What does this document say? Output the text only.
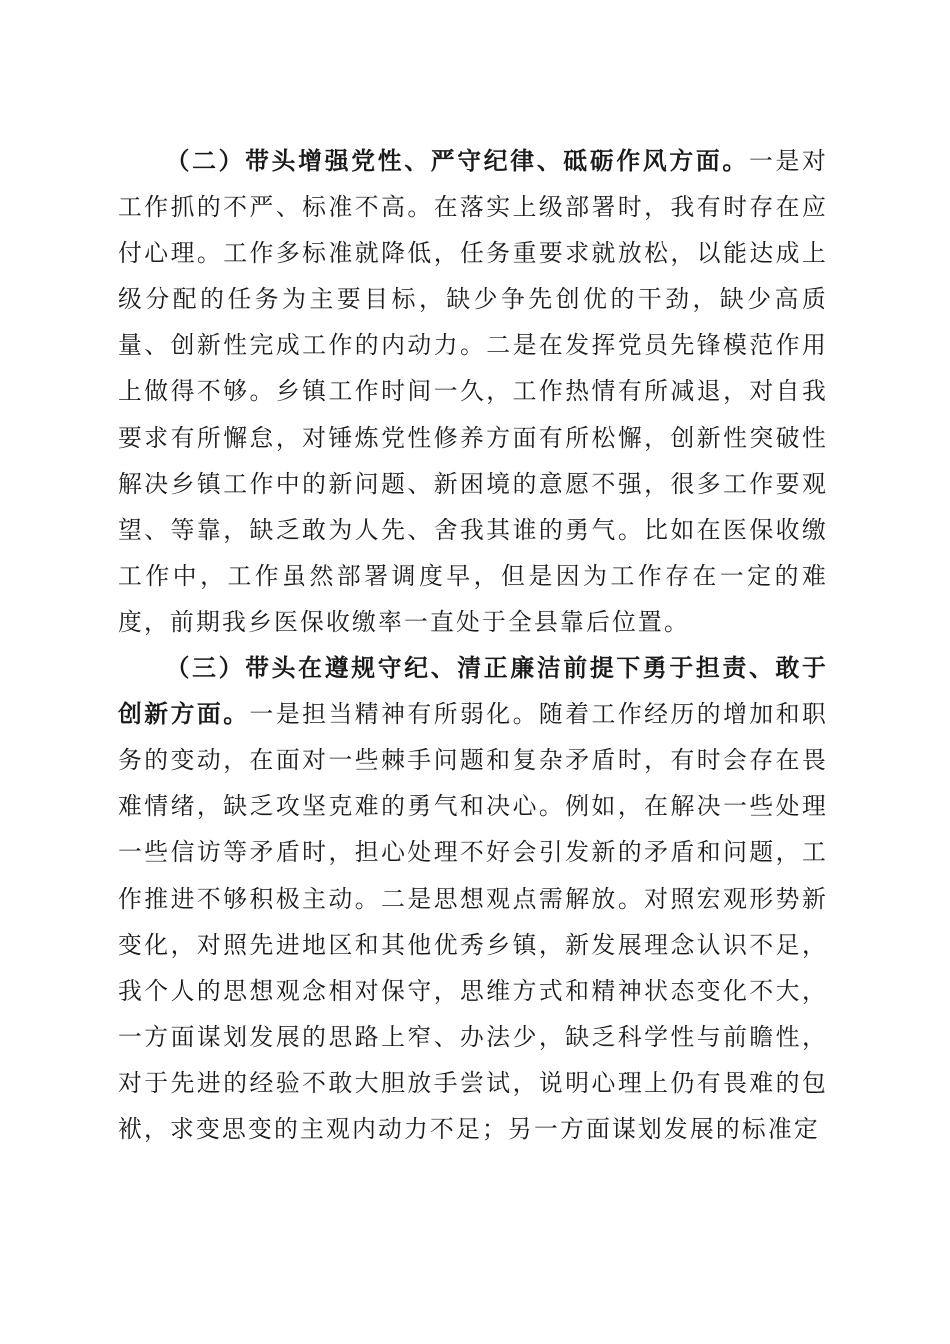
（二）带头增强党性、严守纪律、砥砺作风方面。一是对工作抓的不严、标准不高。在落实上级部署时，我有时存在应付心理。工作多标准就降低，任务重要求就放松，以能达成上级分配的任务为主要目标，缺少争先创优的干劲，缺少高质量、创新性完成工作的内动力。二是在发挥党员先锋模范作用上做得不够。乡镇工作时间一久，工作热情有所减退，对自我要求有所懈怠，对锤炼党性修养方面有所松懈，创新性突破性解决乡镇工作中的新问题、新困境的意愿不强，很多工作要观望、等靠，缺乏敢为人先、舍我其谁的勇气。比如在医保收缴工作中，工作虽然部署调度早，但是因为工作存在一定的难度，前期我乡医保收缴率一直处于全县靠后位置。

（三）带头在遵规守纪、清正廉洁前提下勇于担责、敢于创新方面。一是担当精神有所弱化。随着工作经历的增加和职务的变动，在面对一些棘手问题和复杂矛盾时，有时会存在畏难情绪，缺乏攻坚克难的勇气和决心。例如，在解决一些处理一些信访等矛盾时，担心处理不好会引发新的矛盾和问题，工作推进不够积极主动。二是思想观点需解放。对照宏观形势新变化，对照先进地区和其他优秀乡镇，新发展理念认识不足，我个人的思想观念相对保守，思维方式和精神状态变化不大，一方面谋划发展的思路上窄、办法少，缺乏科学性与前瞻性，对于先进的经验不敢大胆放手尝试，说明心理上仍有畏难的包袱，求变思变的主观内动力不足；另一方面谋划发展的标准定
